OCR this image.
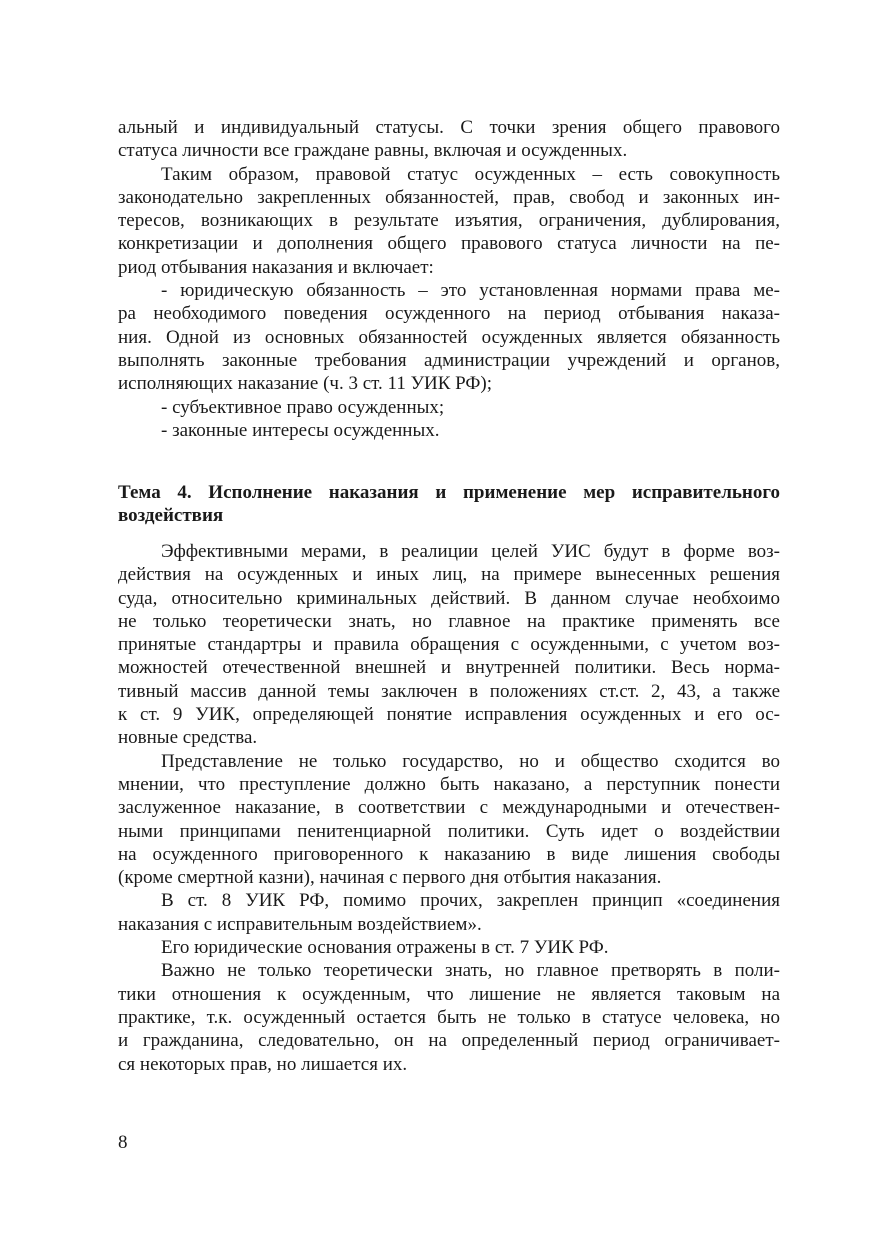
альный и индивидуальный статусы. С точки зрения общего правового
статуса личности все граждане равны, включая и осужденных.
Таким образом, правовой статус осужденных – есть совокупность
законодательно закрепленных обязанностей, прав, свобод и законных ин-
тересов, возникающих в результате изъятия, ограничения, дублирования,
конкретизации и дополнения общего правового статуса личности на пе-
риод отбывания наказания и включает:
- юридическую обязанность – это установленная нормами права ме-
ра необходимого поведения осужденного на период отбывания наказа-
ния. Одной из основных обязанностей осужденных является обязанность
выполнять законные требования администрации учреждений и органов,
исполняющих наказание (ч. 3 ст. 11 УИК РФ);
- субъективное право осужденных;
- законные интересы осужденных.
Тема 4. Исполнение наказания и применение мер исправительного
воздействия
Эффективными мерами, в реалиции целей УИС будут в форме воз-
действия на осужденных и иных лиц, на примере вынесенных решения
суда, относительно криминальных действий. В данном случае необхоимо
не только теоретически знать, но главное на практике применять все
принятые стандартры и правила обращения с осужденными, с учетом воз-
можностей отечественной внешней и внутренней политики. Весь норма-
тивный массив данной темы заключен в положениях ст.ст. 2, 43, а также
к ст. 9 УИК, определяющей понятие исправления осужденных и его ос-
новные средства.
Представление не только государство, но и общество сходится во
мнении, что преступление должно быть наказано, а перступник понести
заслуженное наказание, в соответствии с международными и отечествен-
ными принципами пенитенциарной политики. Суть идет о воздействии
на осужденного приговоренного к наказанию в виде лишения свободы
(кроме смертной казни), начиная с первого дня отбытия наказания.
В ст. 8 УИК РФ, помимо прочих, закреплен принцип «соединения
наказания с исправительным воздействием».
Его юридические основания отражены в ст. 7 УИК РФ.
Важно не только теоретически знать, но главное претворять в поли-
тики отношения к осужденным, что лишение не является таковым на
практике, т.к. осужденный остается быть не только в статусе человека, но
и гражданина, следовательно, он на определенный период ограничивает-
ся некоторых прав, но лишается их.
8
